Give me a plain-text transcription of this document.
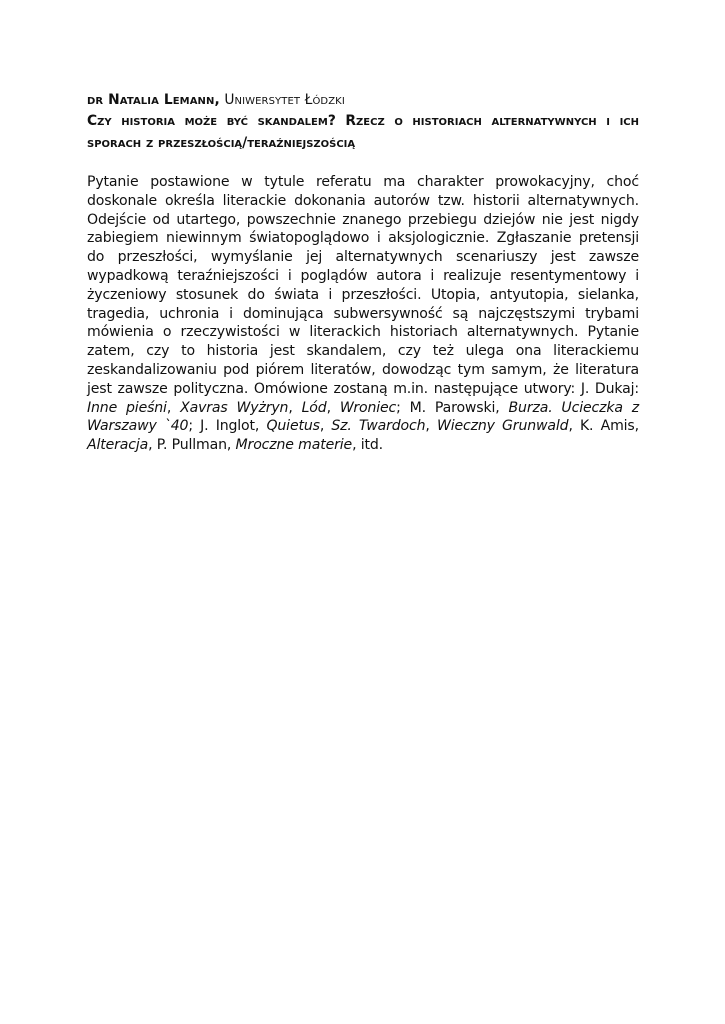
dr Natalia Lemann, Uniwersytet Łódzki
Czy historia może być skandalem? Rzecz o historiach alternatywnych i ich sporach z przeszłością/teraźniejszością

Pytanie postawione w tytule referatu ma charakter prowokacyjny, choć doskonale określa literackie dokonania autorów tzw. historii alternatywnych. Odejście od utartego, powszechnie znanego przebiegu dziejów nie jest nigdy zabiegiem niewinnym światopoglądowo i aksjologicznie. Zgłaszanie pretensji do przeszłości, wymyślanie jej alternatywnych scenariuszy jest zawsze wypadkową teraźniejszości i poglądów autora i realizuje resentymentowy i życzeniowy stosunek do świata i przeszłości. Utopia, antyutopia, sielanka, tragedia, uchronia i dominująca subwersywność są najczęstszymi trybami mówienia o rzeczywistości w literackich historiach alternatywnych. Pytanie zatem, czy to historia jest skandalem, czy też ulega ona literackiemu zeskandalizowaniu pod piórem literatów, dowodząc tym samym, że literatura jest zawsze polityczna. Omówione zostaną m.in. następujące utwory: J. Dukaj: Inne pieśni, Xavras Wyżryn, Lód, Wroniec; M. Parowski, Burza. Ucieczka z Warszawy `40; J. Inglot, Quietus, Sz. Twardoch, Wieczny Grunwald, K. Amis, Alteracja, P. Pullman, Mroczne materie, itd.
